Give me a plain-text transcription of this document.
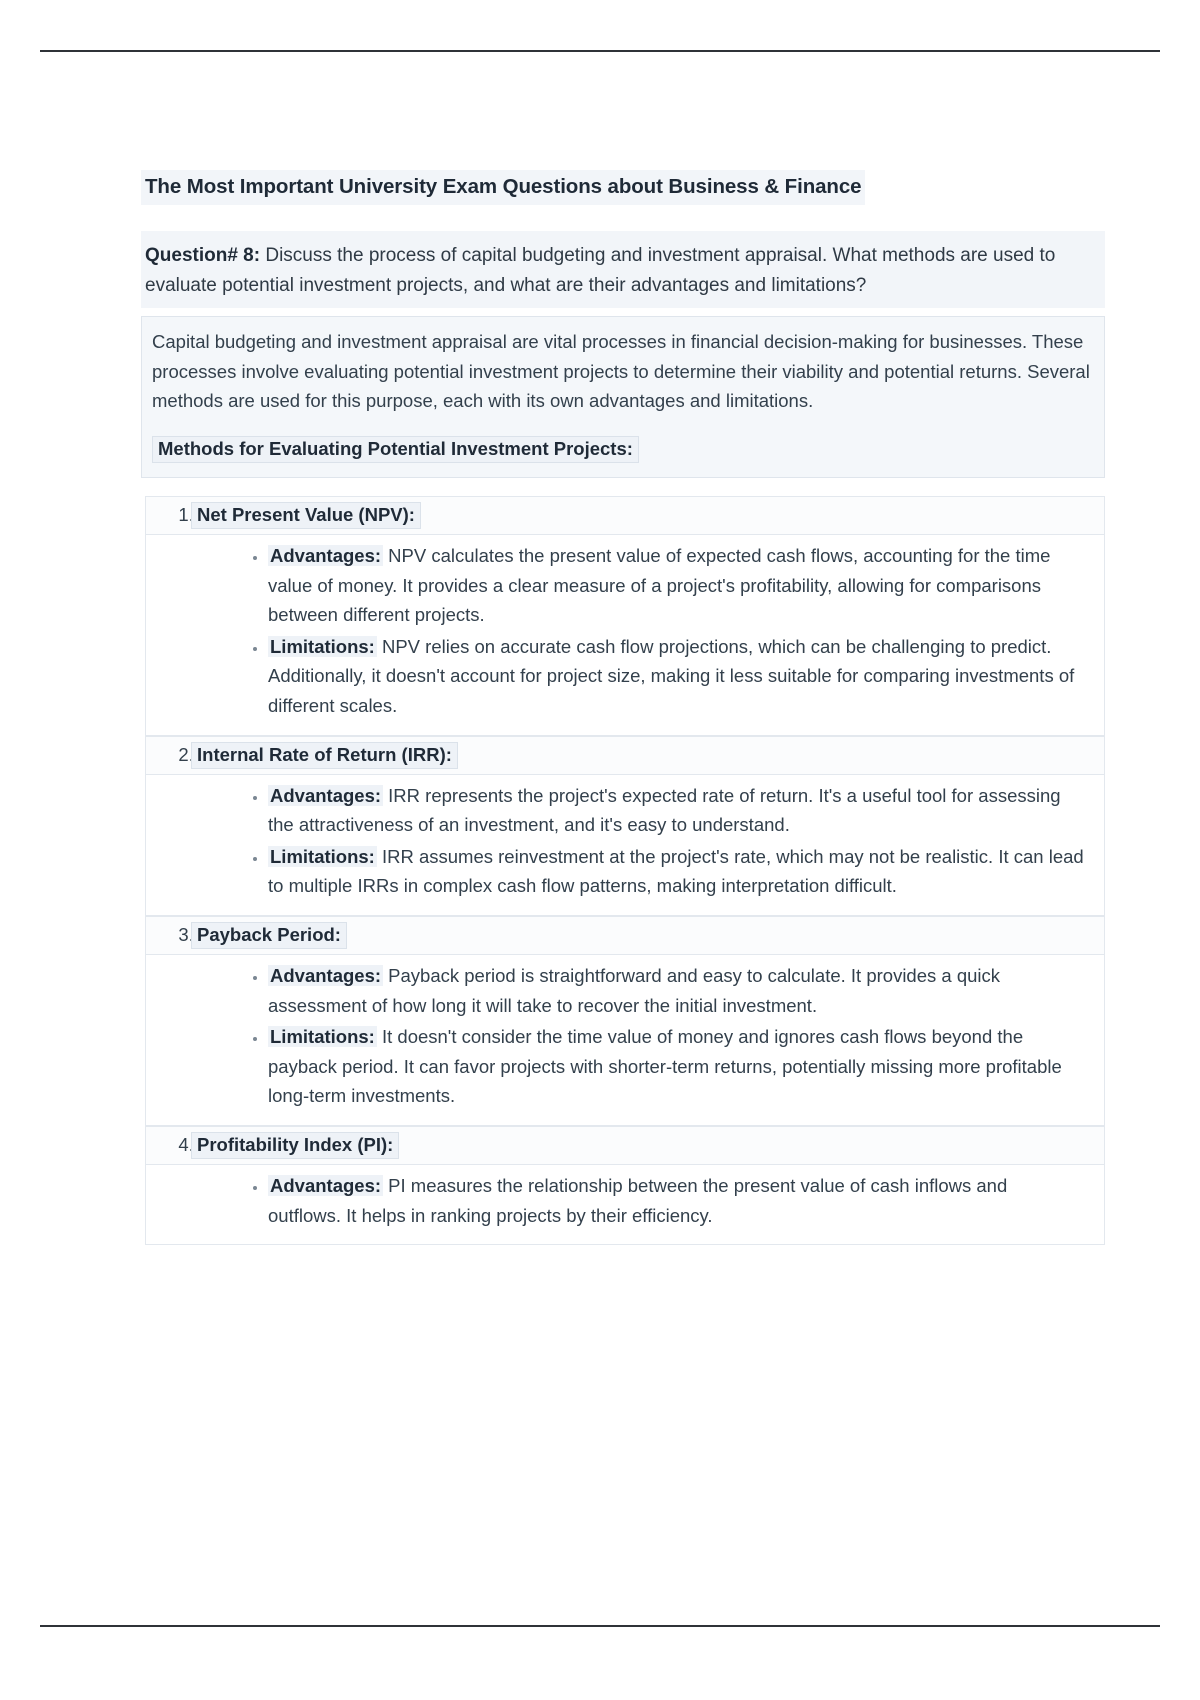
The Most Important University Exam Questions about Business & Finance
Question# 8: Discuss the process of capital budgeting and investment appraisal. What methods are used to evaluate potential investment projects, and what are their advantages and limitations?
Capital budgeting and investment appraisal are vital processes in financial decision-making for businesses. These processes involve evaluating potential investment projects to determine their viability and potential returns. Several methods are used for this purpose, each with its own advantages and limitations.
Methods for Evaluating Potential Investment Projects:
1. Net Present Value (NPV):
• Advantages: NPV calculates the present value of expected cash flows, accounting for the time value of money. It provides a clear measure of a project's profitability, allowing for comparisons between different projects.
• Limitations: NPV relies on accurate cash flow projections, which can be challenging to predict. Additionally, it doesn't account for project size, making it less suitable for comparing investments of different scales.
2. Internal Rate of Return (IRR):
• Advantages: IRR represents the project's expected rate of return. It's a useful tool for assessing the attractiveness of an investment, and it's easy to understand.
• Limitations: IRR assumes reinvestment at the project's rate, which may not be realistic. It can lead to multiple IRRs in complex cash flow patterns, making interpretation difficult.
3. Payback Period:
• Advantages: Payback period is straightforward and easy to calculate. It provides a quick assessment of how long it will take to recover the initial investment.
• Limitations: It doesn't consider the time value of money and ignores cash flows beyond the payback period. It can favor projects with shorter-term returns, potentially missing more profitable long-term investments.
4. Profitability Index (PI):
• Advantages: PI measures the relationship between the present value of cash inflows and outflows. It helps in ranking projects by their efficiency.
